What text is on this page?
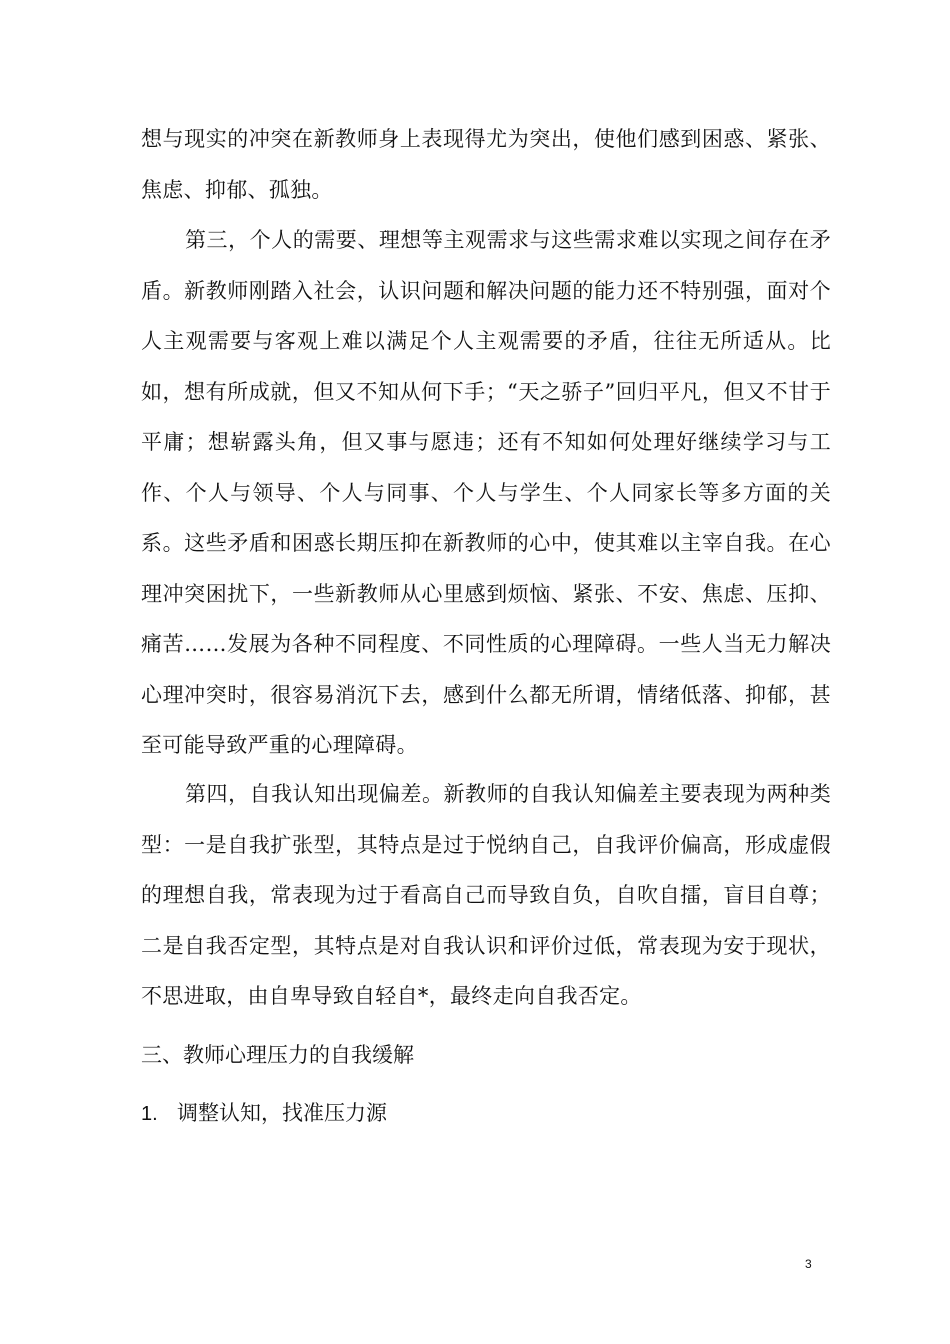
想与现实的冲突在新教师身上表现得尤为突出，使他们感到困惑、紧张、焦虑、抑郁、孤独。

第三，个人的需要、理想等主观需求与这些需求难以实现之间存在矛盾。新教师刚踏入社会，认识问题和解决问题的能力还不特别强，面对个人主观需要与客观上难以满足个人主观需要的矛盾，往往无所适从。比如，想有所成就，但又不知从何下手；“天之骄子”回归平凡，但又不甘于平庸；想崭露头角，但又事与愿违；还有不知如何处理好继续学习与工作、个人与领导、个人与同事、个人与学生、个人同家长等多方面的关系。这些矛盾和困惑长期压抑在新教师的心中，使其难以主宰自我。在心理冲突困扰下，一些新教师从心里感到烦恼、紧张、不安、焦虑、压抑、痛苦……发展为各种不同程度、不同性质的心理障碍。一些人当无力解决心理冲突时，很容易消沉下去，感到什么都无所谓，情绪低落、抑郁，甚至可能导致严重的心理障碍。

第四，自我认知出现偏差。新教师的自我认知偏差主要表现为两种类型：一是自我扩张型，其特点是过于悦纳自己，自我评价偏高，形成虚假的理想自我，常表现为过于看高自己而导致自负，自吹自擂，盲目自尊；二是自我否定型，其特点是对自我认识和评价过低，常表现为安于现状，不思进取，由自卑导致自轻自*，最终走向自我否定。

三、教师心理压力的自我缓解
1. 调整认知，找准压力源
3
